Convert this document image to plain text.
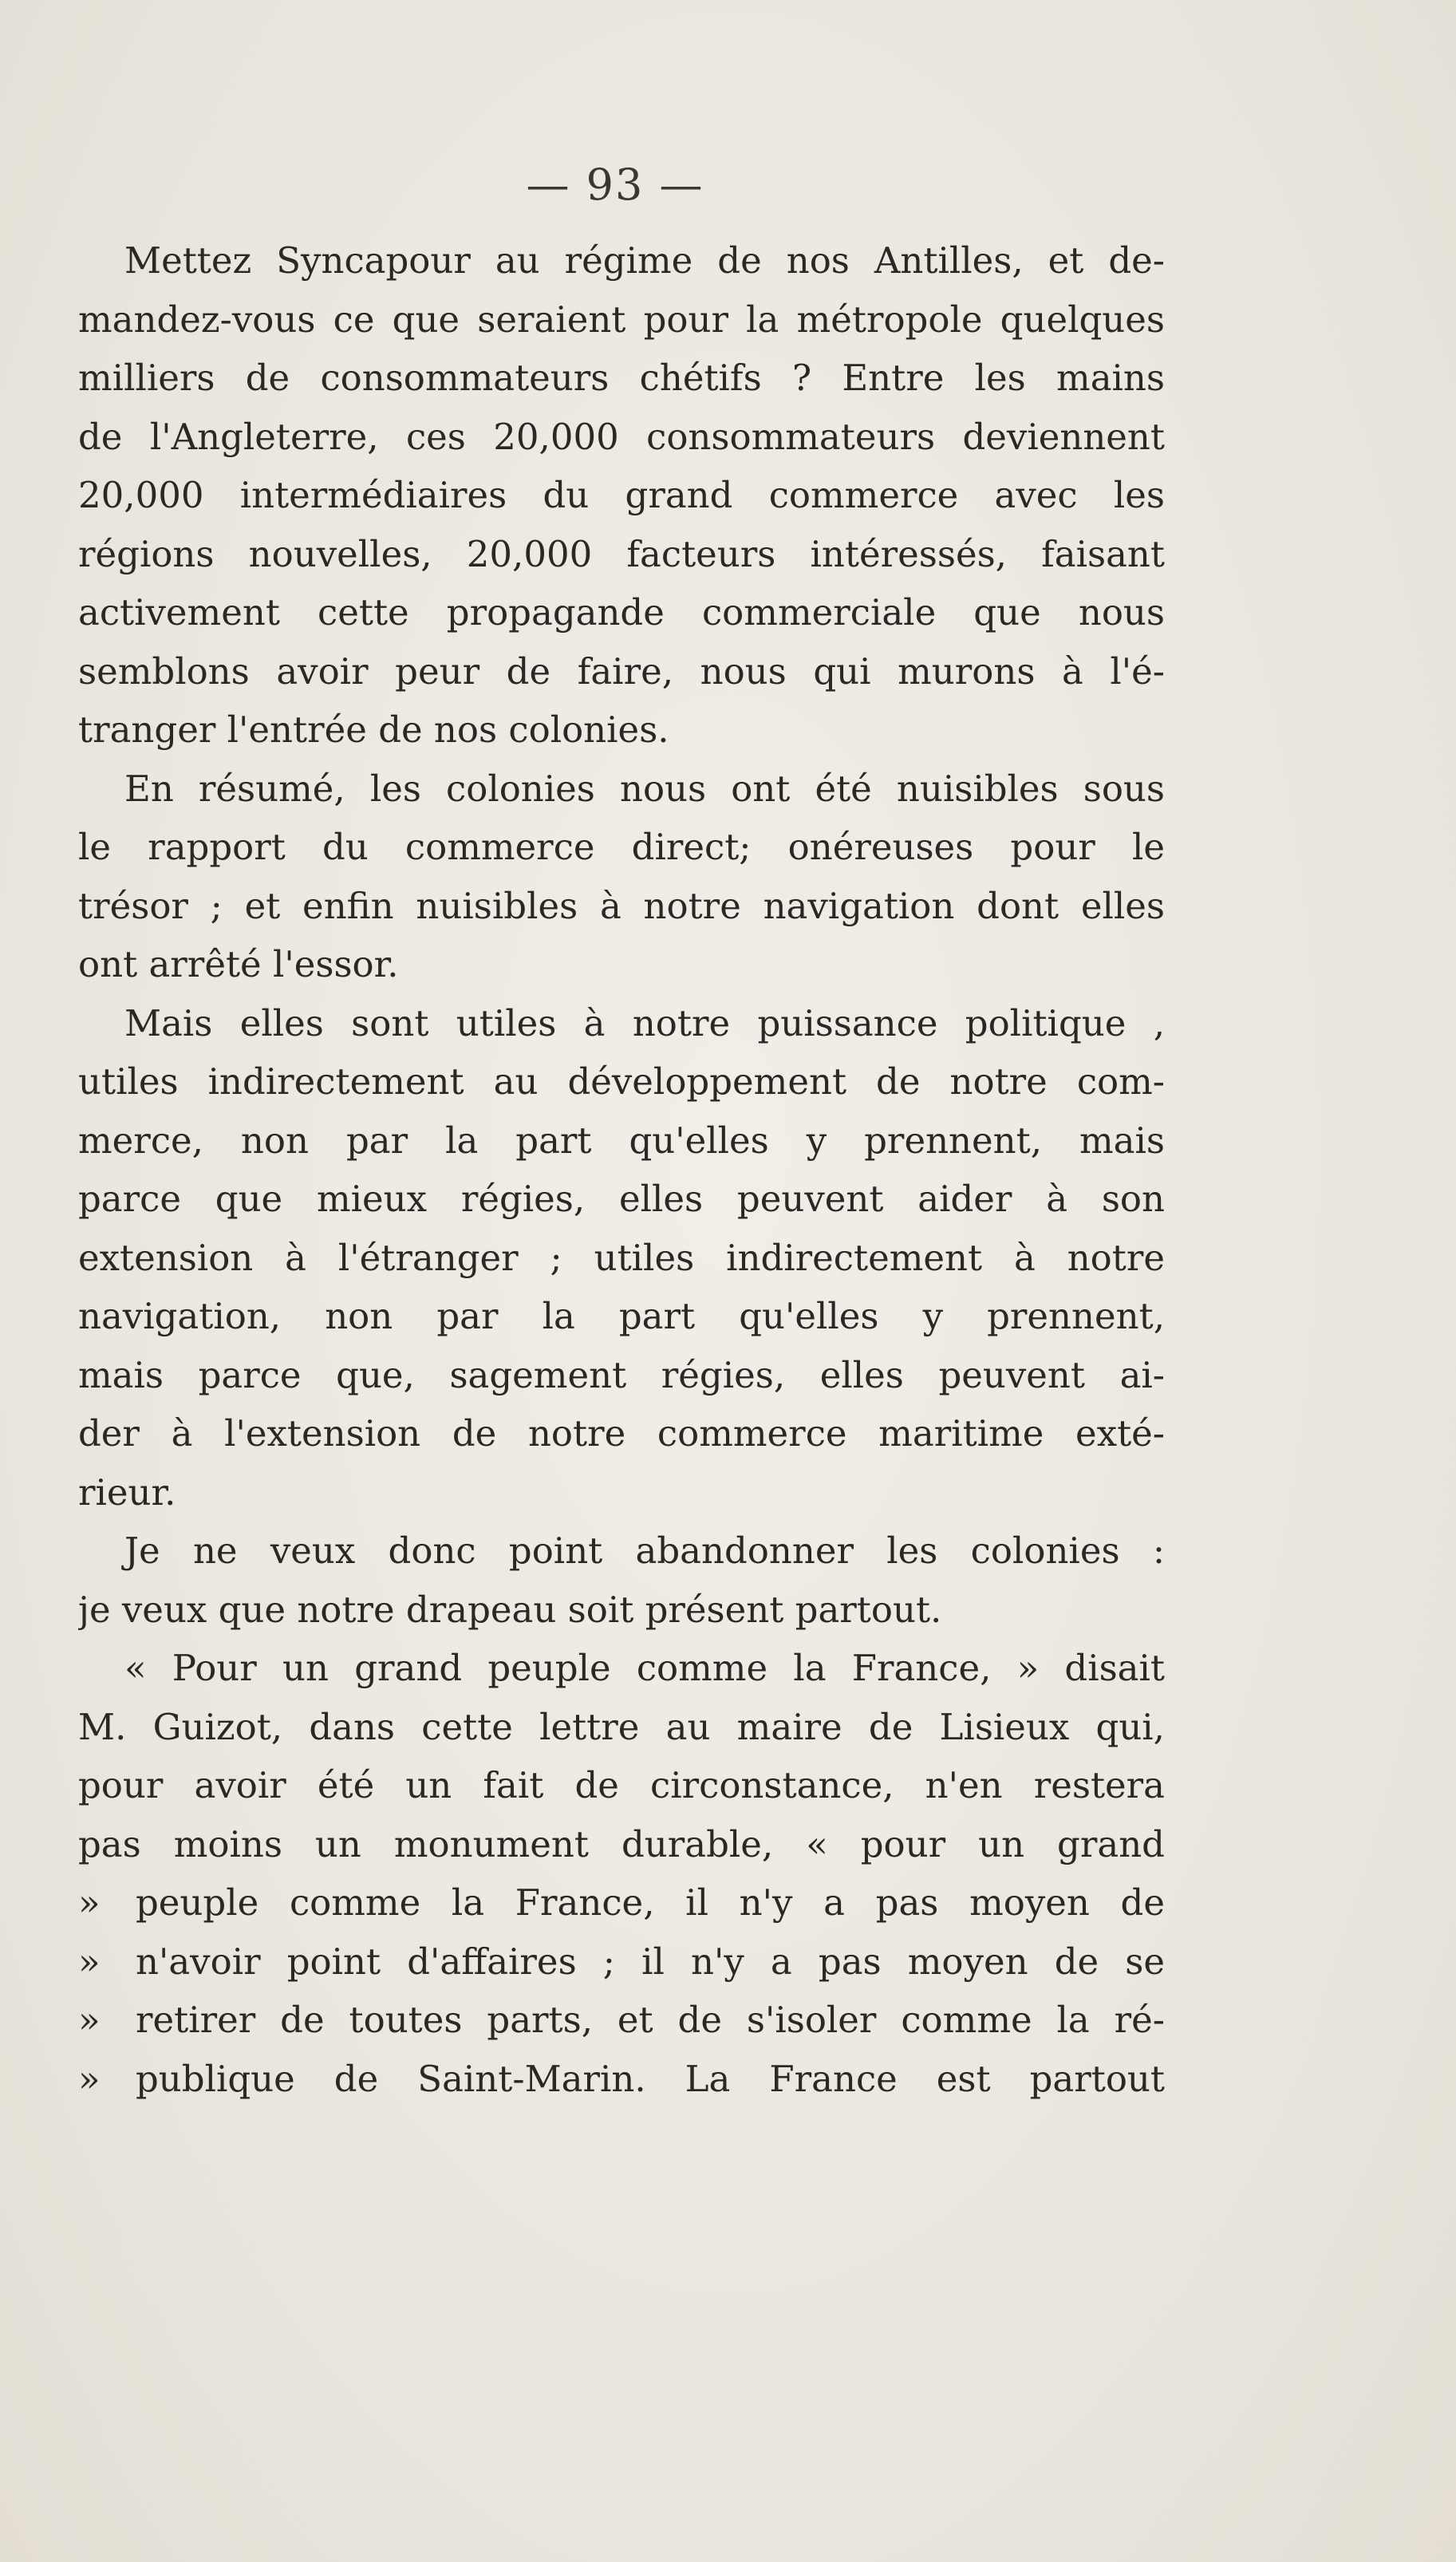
— 93 —
Mettez Syncapour au régime de nos Antilles, et de-
mandez-vous ce que seraient pour la métropole quelques
milliers de consommateurs chétifs ? Entre les mains
de l'Angleterre, ces 20,000 consommateurs deviennent
20,000 intermédiaires du grand commerce avec les
régions nouvelles, 20,000 facteurs intéressés, faisant
activement cette propagande commerciale que nous
semblons avoir peur de faire, nous qui murons à l'é-
tranger l'entrée de nos colonies.
En résumé, les colonies nous ont été nuisibles sous
le rapport du commerce direct; onéreuses pour le
trésor ; et enfin nuisibles à notre navigation dont elles
ont arrêté l'essor.
Mais elles sont utiles à notre puissance politique ,
utiles indirectement au développement de notre com-
merce, non par la part qu'elles y prennent, mais
parce que mieux régies, elles peuvent aider à son
extension à l'étranger ; utiles indirectement à notre
navigation, non par la part qu'elles y prennent,
mais parce que, sagement régies, elles peuvent ai-
der à l'extension de notre commerce maritime exté-
rieur.
Je ne veux donc point abandonner les colonies :
je veux que notre drapeau soit présent partout.
« Pour un grand peuple comme la France, » disait
M. Guizot, dans cette lettre au maire de Lisieux qui,
pour avoir été un fait de circonstance, n'en restera
pas moins un monument durable, « pour un grand
» peuple comme la France, il n'y a pas moyen de
» n'avoir point d'affaires ; il n'y a pas moyen de se
» retirer de toutes parts, et de s'isoler comme la ré-
» publique de Saint-Marin. La France est partout
